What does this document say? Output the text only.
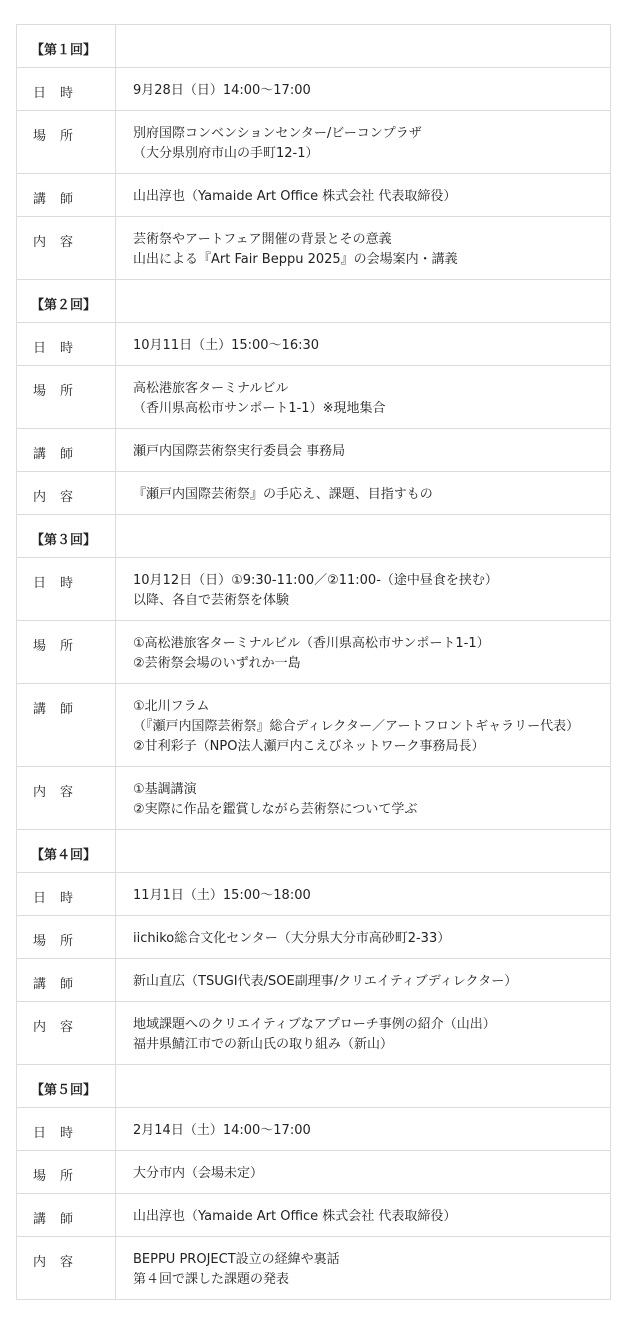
【第１回】
日　時	9月28日（日）14:00～17:00
場　所	別府国際コンベンションセンター/ビーコンプラザ
（大分県別府市山の手町12-1）
講　師	山出淳也（Yamaide Art Office 株式会社 代表取締役）
内　容	芸術祭やアートフェア開催の背景とその意義
山出による『Art Fair Beppu 2025』の会場案内・講義
【第２回】
日　時	10月11日（土）15:00～16:30
場　所	高松港旅客ターミナルビル
（香川県高松市サンポート1-1）※現地集合
講　師	瀬戸内国際芸術祭実行委員会 事務局
内　容	『瀬戸内国際芸術祭』の手応え、課題、目指すもの
【第３回】
日　時	10月12日（日）①9:30-11:00／②11:00-（途中昼食を挟む）
以降、各自で芸術祭を体験
場　所	①高松港旅客ターミナルビル（香川県高松市サンポート1-1）
②芸術祭会場のいずれか一島
講　師	①北川フラム
（『瀬戸内国際芸術祭』総合ディレクター／アートフロントギャラリー代表）
②甘利彩子（NPO法人瀬戸内こえびネットワーク事務局長）
内　容	①基調講演
②実際に作品を鑑賞しながら芸術祭について学ぶ
【第４回】
日　時	11月1日（土）15:00～18:00
場　所	iichiko総合文化センター（大分県大分市高砂町2-33）
講　師	新山直広（TSUGI代表/SOE副理事/クリエイティブディレクター）
内　容	地域課題へのクリエイティブなアプローチ事例の紹介（山出）
福井県鯖江市での新山氏の取り組み（新山）
【第５回】
日　時	2月14日（土）14:00～17:00
場　所	大分市内（会場未定）
講　師	山出淳也（Yamaide Art Office 株式会社 代表取締役）
内　容	BEPPU PROJECT設立の経緯や裏話
第４回で課した課題の発表
